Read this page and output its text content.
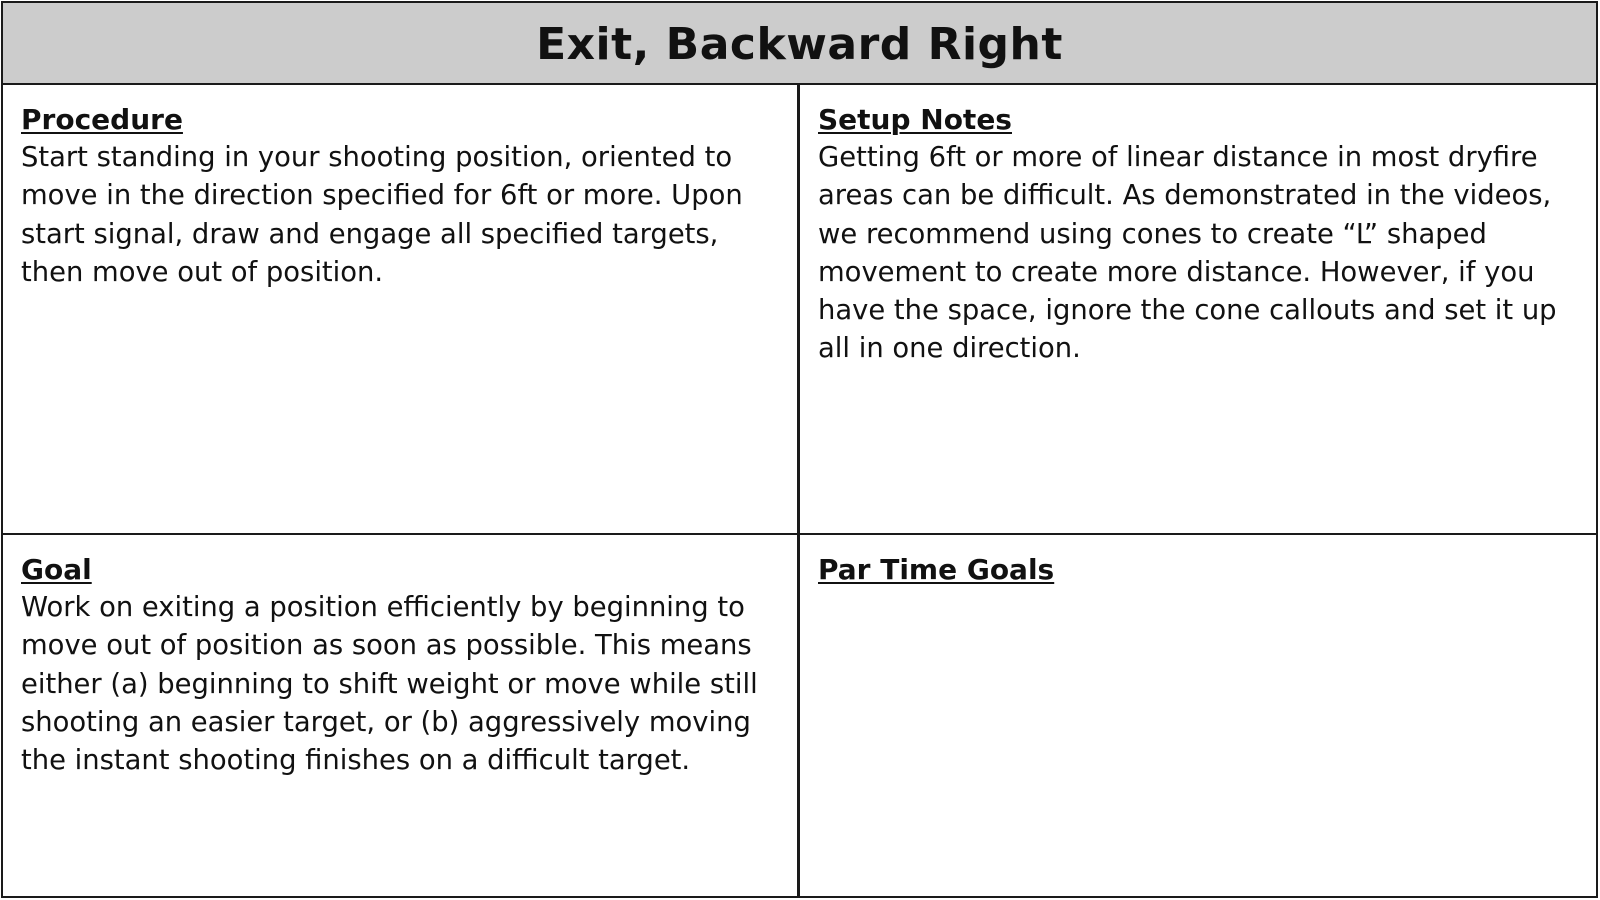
Exit, Backward Right
Procedure

Start standing in your shooting position, oriented to move in the direction specified for 6ft or more. Upon start signal, draw and engage all specified targets, then move out of position.

Setup Notes

Getting 6ft or more of linear distance in most dryfire areas can be difficult. As demonstrated in the videos, we recommend using cones to create “L” shaped movement to create more distance. However, if you have the space, ignore the cone callouts and set it up all in one direction.

Goal

Work on exiting a position efficiently by beginning to move out of position as soon as possible. This means either (a) beginning to shift weight or move while still shooting an easier target, or (b) aggressively moving the instant shooting finishes on a difficult target.

Par Time Goals
